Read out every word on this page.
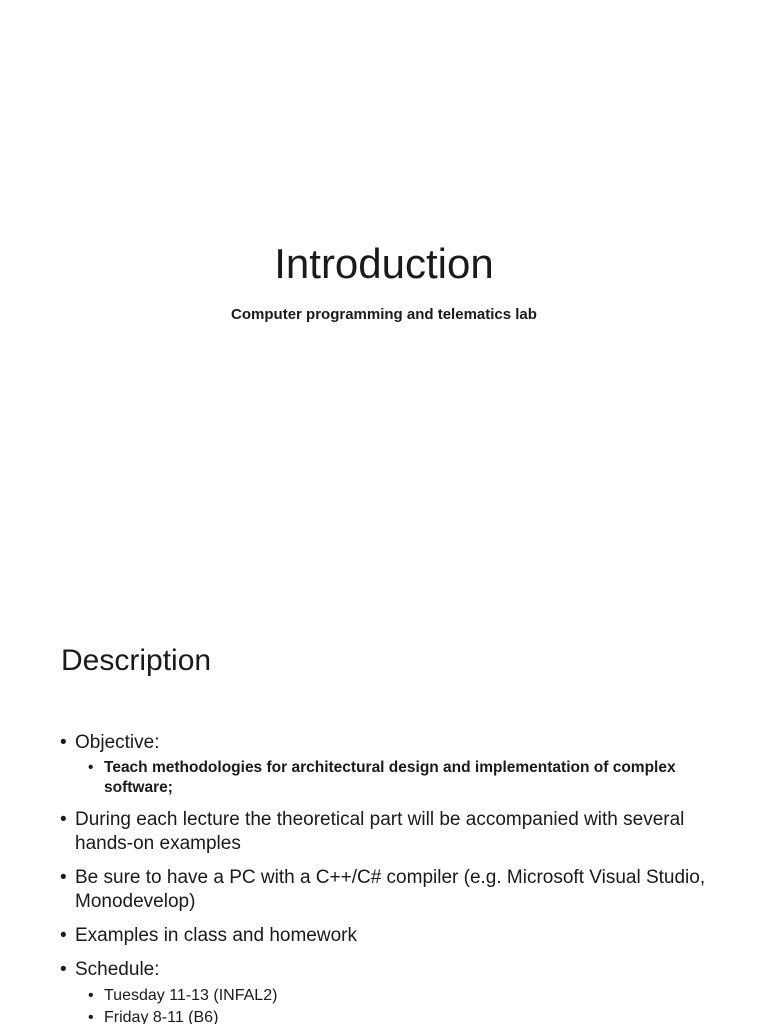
Introduction

Computer programming and telematics lab

Description
• Objective:
• Teach methodologies for architectural design and implementation of complex software;
• During each lecture the theoretical part will be accompanied with several hands-on examples
• Be sure to have a PC with a C++/C# compiler (e.g. Microsoft Visual Studio, Monodevelop)
• Examples in class and homework
• Schedule:
• Tuesday 11-13 (INFAL2)
• Friday 8-11 (B6)
